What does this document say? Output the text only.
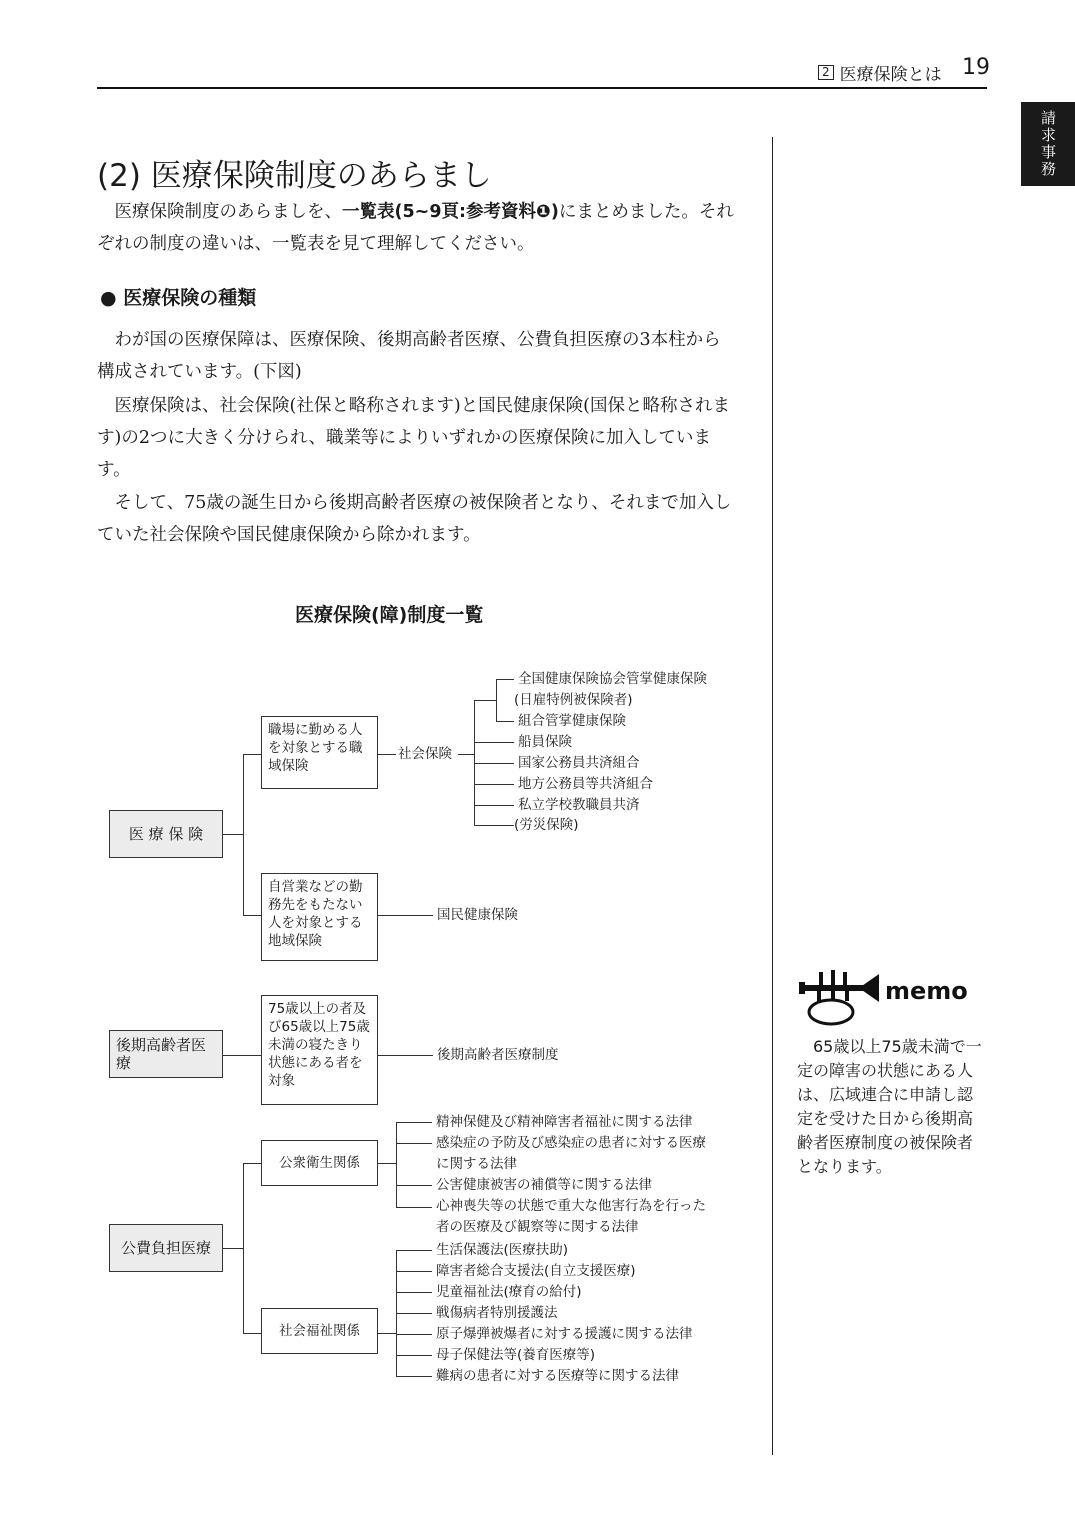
2 医療保険とは 19
請求事務
(2) 医療保険制度のあらまし
医療保険制度のあらましを、一覧表(5~9頁:参考資料❶)にまとめました。それぞれの制度の違いは、一覧表を見て理解してください。
● 医療保険の種類
わが国の医療保障は、医療保険、後期高齢者医療、公費負担医療の3本柱から構成されています。(下図)
医療保険は、社会保険(社保と略称されます)と国民健康保険(国保と略称されます)の2つに大きく分けられ、職業等によりいずれかの医療保険に加入しています。
そして、75歳の誕生日から後期高齢者医療の被保険者となり、それまで加入していた社会保険や国民健康保険から除かれます。
医療保険(障)制度一覧
医 療 保 険
職場に勤める人を対象とする職域保険
社会保険
全国健康保険協会管掌健康保険
(日雇特例被保険者)
組合管掌健康保険
船員保険
国家公務員共済組合
地方公務員等共済組合
私立学校教職員共済
(労災保険)
自営業などの勤務先をもたない人を対象とする地域保険
国民健康保険
後期高齢者医療
75歳以上の者及び65歳以上75歳未満の寝たきり状態にある者を対象
後期高齢者医療制度
公費負担医療
公衆衛生関係
精神保健及び精神障害者福祉に関する法律
感染症の予防及び感染症の患者に対する医療
に関する法律
公害健康被害の補償等に関する法律
心神喪失等の状態で重大な他害行為を行った
者の医療及び観察等に関する法律
社会福祉関係
生活保護法(医療扶助)
障害者総合支援法(自立支援医療)
児童福祉法(療育の給付)
戦傷病者特別援護法
原子爆弾被爆者に対する援護に関する法律
母子保健法等(養育医療等)
難病の患者に対する医療等に関する法律
memo
65歳以上75歳未満で一定の障害の状態にある人は、広域連合に申請し認定を受けた日から後期高齢者医療制度の被保険者となります。
